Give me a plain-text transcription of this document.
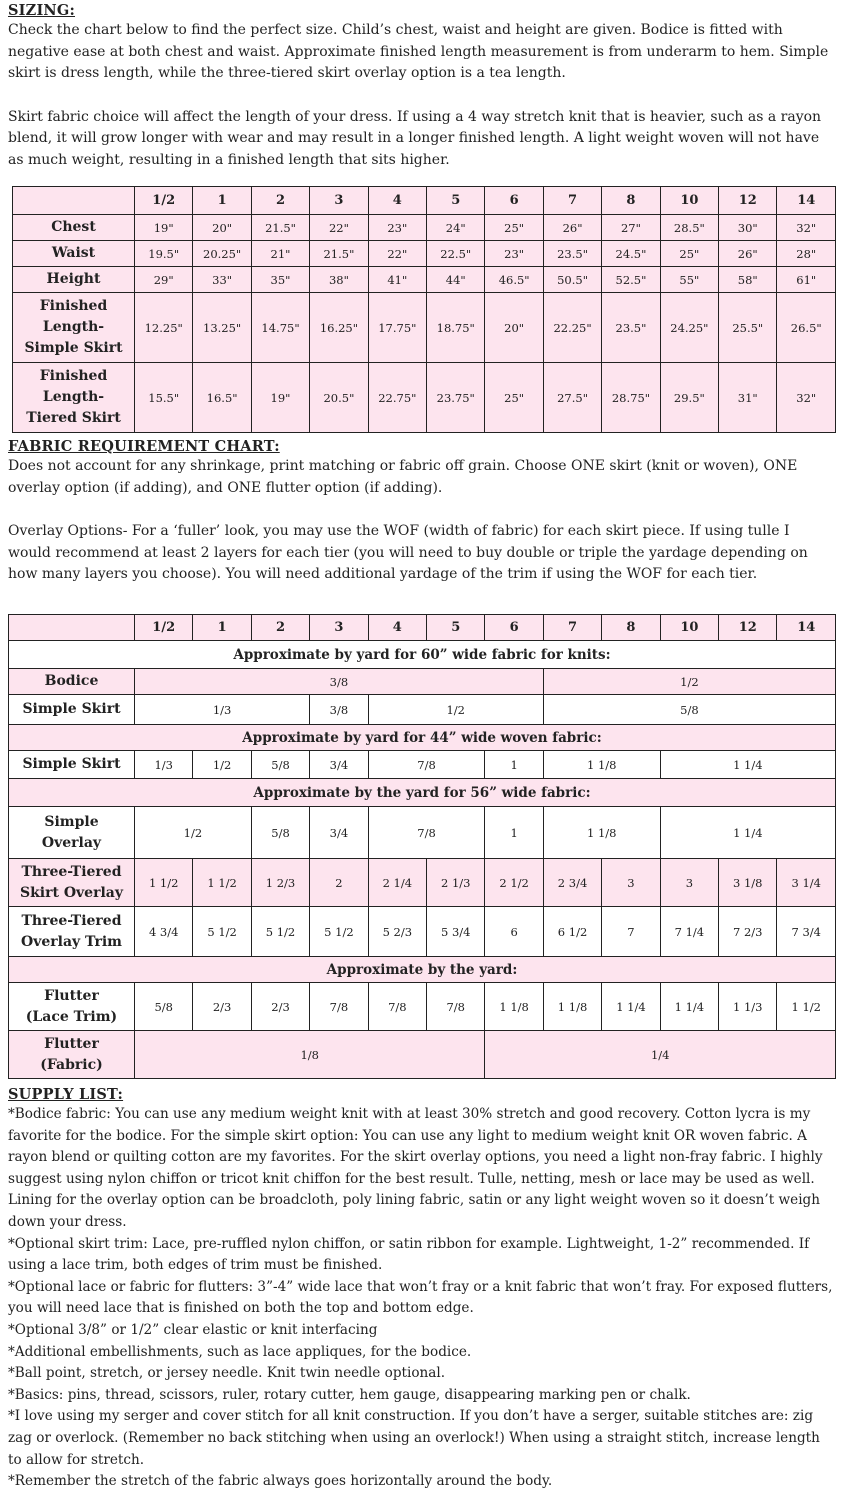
SIZING:

Check the chart below to find the perfect size. Child’s chest, waist and height are given. Bodice is fitted with negative ease at both chest and waist. Approximate finished length measurement is from underarm to hem. Simple skirt is dress length, while the three-tiered skirt overlay option is a tea length.

Skirt fabric choice will affect the length of your dress. If using a 4 way stretch knit that is heavier, such as a rayon blend, it will grow longer with wear and may result in a longer finished length. A light weight woven will not have as much weight, resulting in a finished length that sits higher.

	1/2	1	2	3	4	5	6	7	8	10	12	14

Chest	19"	20"	21.5"	22"	23"	24"	25"	26"	27"	28.5"	30"	32"

Waist	19.5"	20.25"	21"	21.5"	22"	22.5"	23"	23.5"	24.5"	25"	26"	28"

Height	29"	33"	35"	38"	41"	44"	46.5"	50.5"	52.5"	55"	58"	61"

Finished
Length-
Simple Skirt	12.25"	13.25"	14.75"	16.25"	17.75"	18.75"	20"	22.25"	23.5"	24.25"	25.5"	26.5"

Finished
Length-
Tiered Skirt	15.5"	16.5"	19"	20.5"	22.75"	23.75"	25"	27.5"	28.75"	29.5"	31"	32"
FABRIC REQUIREMENT CHART:

Does not account for any shrinkage, print matching or fabric off grain. Choose ONE skirt (knit or woven), ONE overlay option (if adding), and ONE flutter option (if adding).

Overlay Options- For a ‘fuller’ look, you may use the WOF (width of fabric) for each skirt piece. If using tulle I would recommend at least 2 layers for each tier (you will need to buy double or triple the yardage depending on how many layers you choose). You will need additional yardage of the trim if using the WOF for each tier.

	1/2	1	2	3	4	5	6	7	8	10	12	14
Approximate by yard for 60” wide fabric for knits:												

Bodice	3/8							1/2				

Simple Skirt	1/3			3/8	1/2			5/8				
Approximate by yard for 44” wide woven fabric:												

Simple Skirt	1/3	1/2	5/8	3/4	7/8		1	1 1/8		1 1/4		
Approximate by the yard for 56” wide fabric:												

Simple
Overlay	1/2		5/8	3/4	7/8		1	1 1/8		1 1/4		

Three-Tiered
Skirt Overlay	1 1/2	1 1/2	1 2/3	2	2 1/4	2 1/3	2 1/2	2 3/4	3	3	3 1/8	3 1/4

Three-Tiered
Overlay Trim	4 3/4	5 1/2	5 1/2	5 1/2	5 2/3	5 3/4	6	6 1/2	7	7 1/4	7 2/3	7 3/4
Approximate by the yard:												

Flutter
(Lace Trim)	5/8	2/3	2/3	7/8	7/8	7/8	1 1/8	1 1/8	1 1/4	1 1/4	1 1/3	1 1/2

Flutter
(Fabric)	1/8						1/4					
SUPPLY LIST:

*Bodice fabric: You can use any medium weight knit with at least 30% stretch and good recovery. Cotton lycra is my favorite for the bodice. For the simple skirt option: You can use any light to medium weight knit OR woven fabric. A rayon blend or quilting cotton are my favorites. For the skirt overlay options, you need a light non-fray fabric. I highly suggest using nylon chiffon or tricot knit chiffon for the best result. Tulle, netting, mesh or lace may be used as well. Lining for the overlay option can be broadcloth, poly lining fabric, satin or any light weight woven so it doesn’t weigh down your dress.

*Optional skirt trim: Lace, pre-ruffled nylon chiffon, or satin ribbon for example. Lightweight, 1-2” recommended. If using a lace trim, both edges of trim must be finished.

*Optional lace or fabric for flutters: 3”-4” wide lace that won’t fray or a knit fabric that won’t fray. For exposed flutters, you will need lace that is finished on both the top and bottom edge.

*Optional 3/8” or 1/2” clear elastic or knit interfacing

*Additional embellishments, such as lace appliques, for the bodice.

*Ball point, stretch, or jersey needle. Knit twin needle optional.

*Basics: pins, thread, scissors, ruler, rotary cutter, hem gauge, disappearing marking pen or chalk.

*I love using my serger and cover stitch for all knit construction. If you don’t have a serger, suitable stitches are: zig zag or overlock. (Remember no back stitching when using an overlock!) When using a straight stitch, increase length to allow for stretch.

*Remember the stretch of the fabric always goes horizontally around the body.
